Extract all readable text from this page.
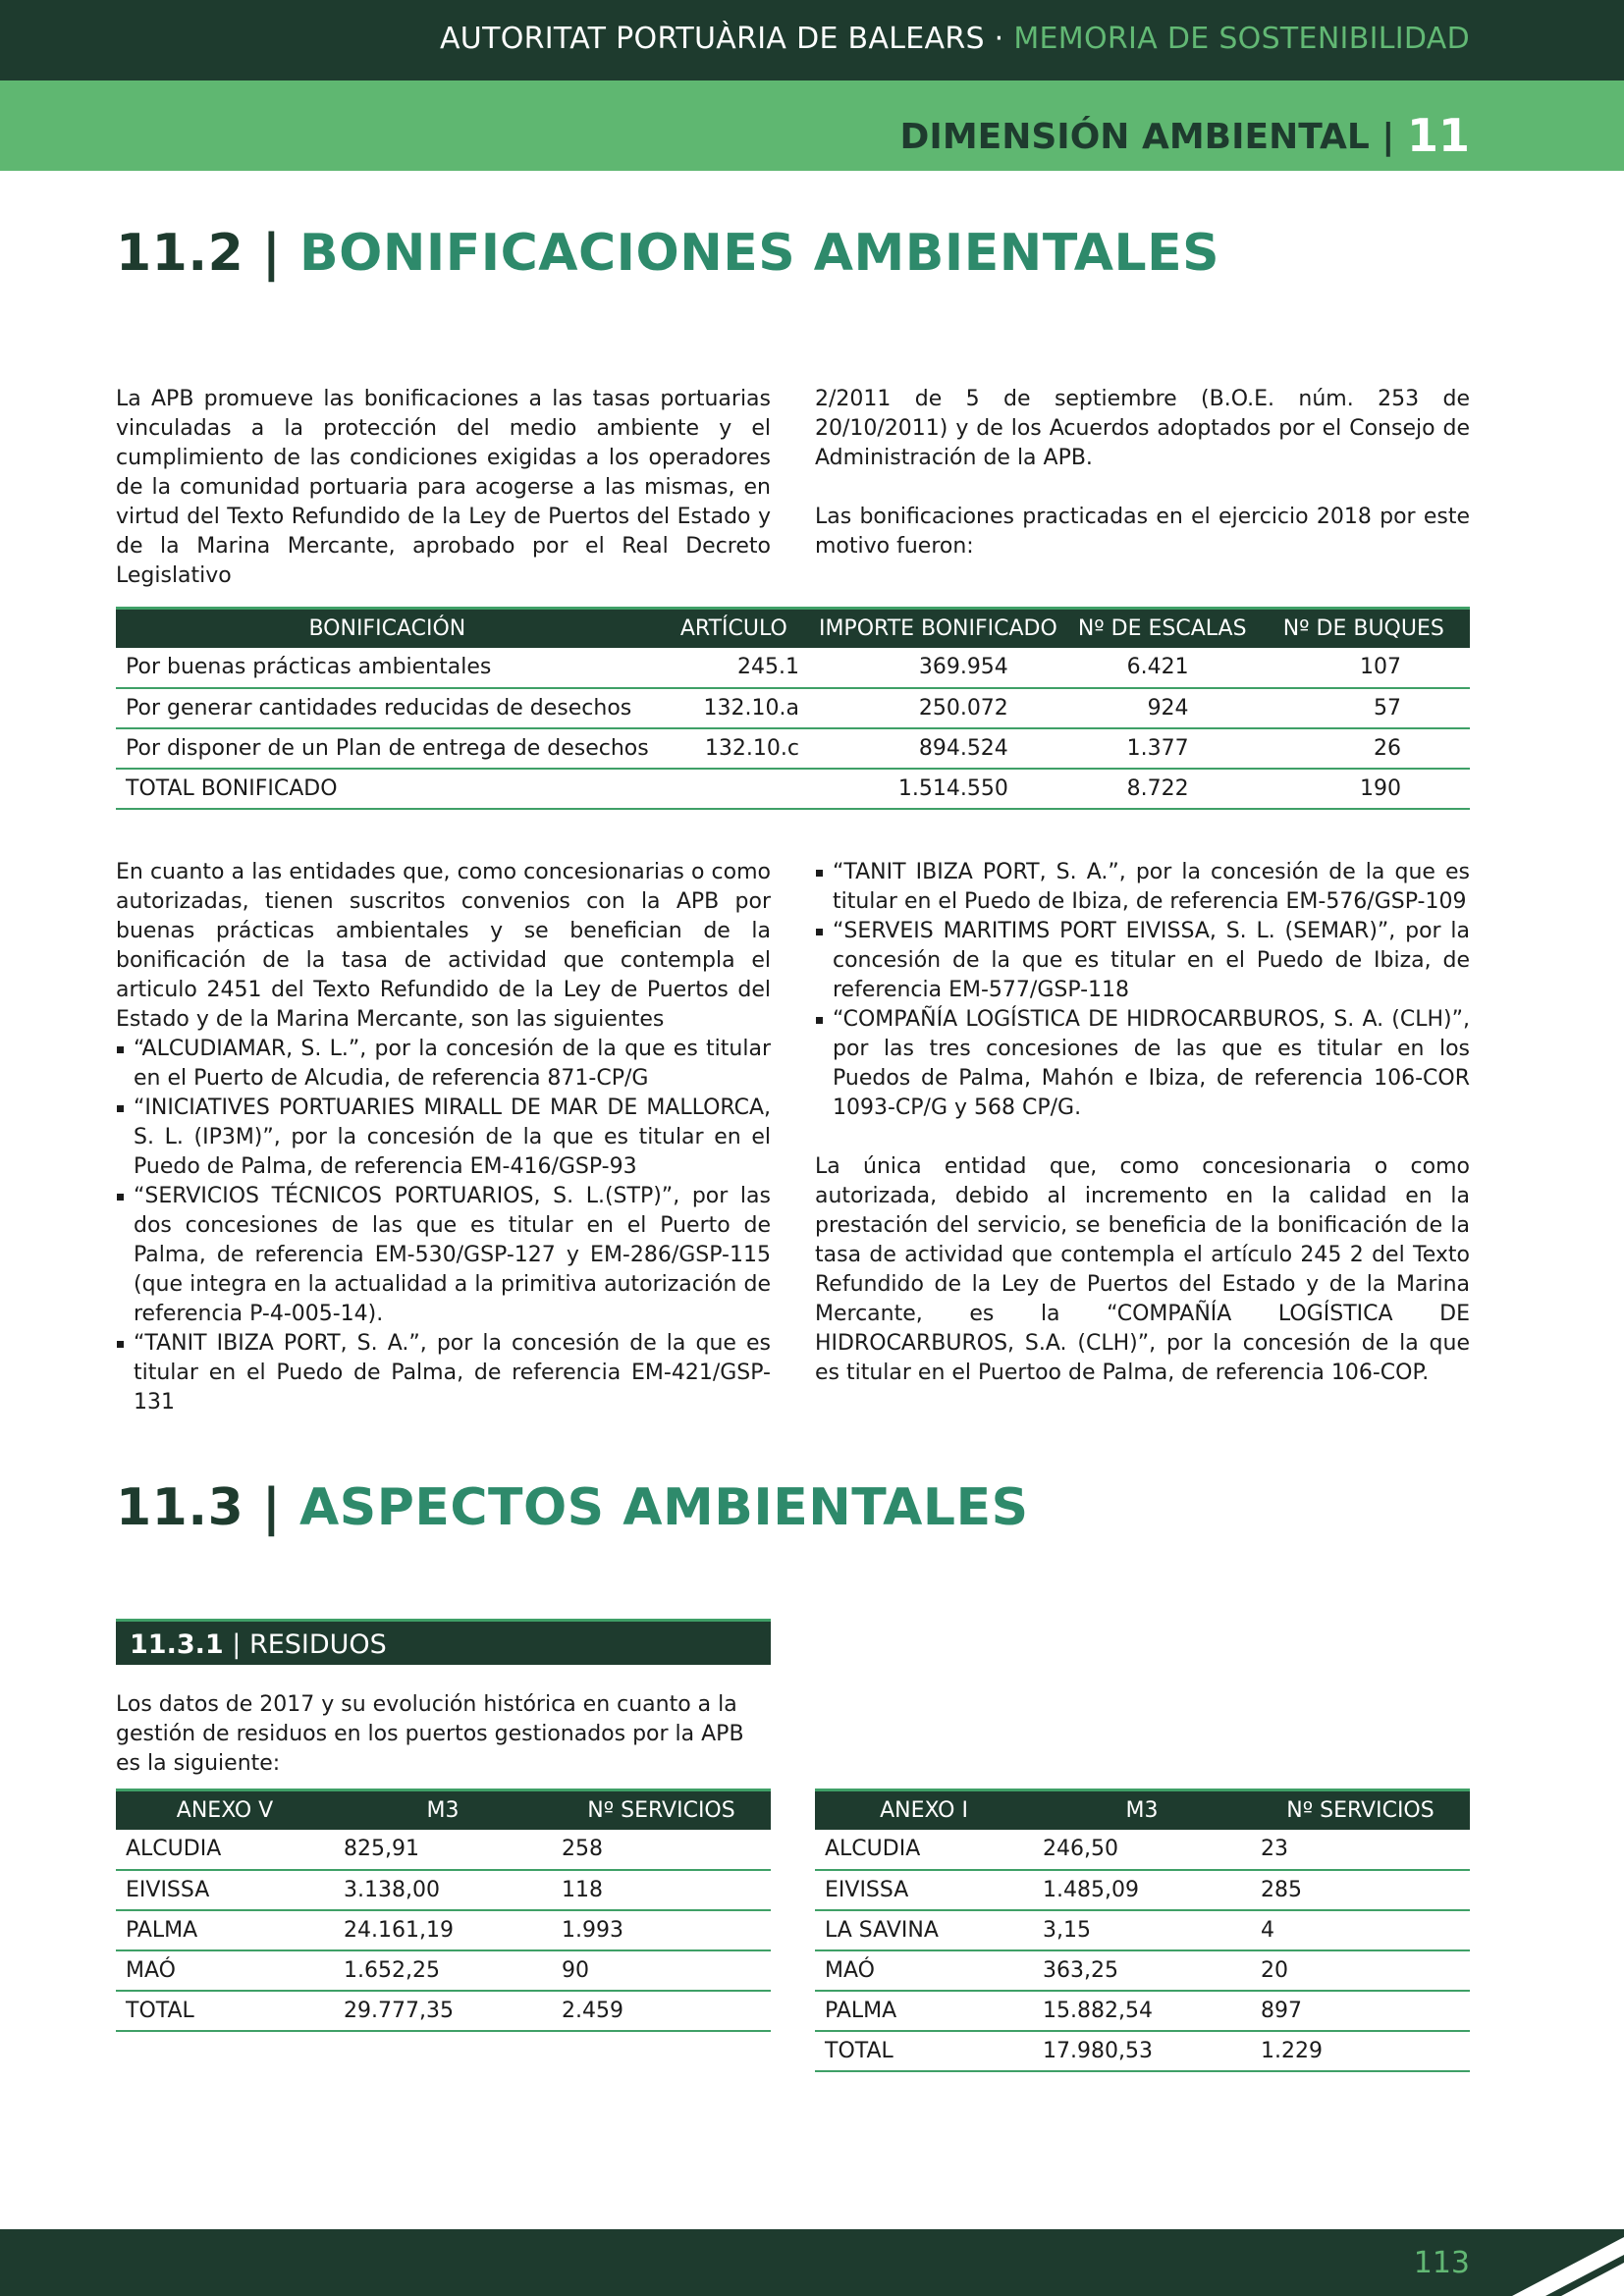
AUTORITAT PORTUÀRIA DE BALEARS · MEMORIA DE SOSTENIBILIDAD
DIMENSIÓN AMBIENTAL | 11
11.2 | BONIFICACIONES AMBIENTALES

La APB promueve las bonificaciones a las tasas portuarias vinculadas a la protección del medio ambiente y el cumplimiento de las condiciones exigidas a los operadores de la comunidad portuaria para acogerse a las mismas, en virtud del Texto Refundido de la Ley de Puertos del Estado y de la Marina Mercante, aprobado por el Real Decreto Legislativo

2/2011 de 5 de septiembre (B.O.E. núm. 253 de 20/10/2011) y de los Acuerdos adoptados por el Consejo de Administración de la APB.

Las bonificaciones practicadas en el ejercicio 2018 por este motivo fueron:

BONIFICACIÓN	ARTÍCULO	IMPORTE BONIFICADO	Nº DE ESCALAS	Nº DE BUQUES
Por buenas prácticas ambientales	245.1	369.954	6.421	107
Por generar cantidades reducidas de desechos	132.10.a	250.072	924	57
Por disponer de un Plan de entrega de desechos	132.10.c	894.524	1.377	26
TOTAL BONIFICADO		1.514.550	8.722	190
En cuanto a las entidades que, como concesionarias o como autorizadas, tienen suscritos convenios con la APB por buenas prácticas ambientales y se benefician de la bonificación de la tasa de actividad que contempla el articulo 2451 del Texto Refundido de la Ley de Puertos del Estado y de la Marina Mercante, son las siguientes
“ALCUDIAMAR, S. L.”, por la concesión de la que es titular en el Puerto de Alcudia, de referencia 871-CP/G
“INICIATIVES PORTUARIES MIRALL DE MAR DE MALLORCA, S. L. (IP3M)”, por la concesión de la que es titular en el Puedo de Palma, de referencia EM-416/GSP-93
“SERVICIOS TÉCNICOS PORTUARIOS, S. L.(STP)”, por las dos concesiones de las que es titular en el Puerto de Palma, de referencia EM-530/GSP-127 y EM-286/GSP-115 (que integra en la actualidad a la primitiva autorización de referencia P-4-005-14).
“TANIT IBIZA PORT, S. A.”, por la concesión de la que es titular en el Puedo de Palma, de referencia EM-421/GSP-131
“TANIT IBIZA PORT, S. A.”, por la concesión de la que es titular en el Puedo de Ibiza, de referencia EM-576/GSP-109
“SERVEIS MARITIMS PORT EIVISSA, S. L. (SEMAR)”, por la concesión de la que es titular en el Puedo de Ibiza, de referencia EM-577/GSP-118
“COMPAÑÍA LOGÍSTICA DE HIDROCARBUROS, S. A. (CLH)”, por las tres concesiones de las que es titular en los Puedos de Palma, Mahón e Ibiza, de referencia 106-COR 1093-CP/G y 568 CP/G.

La única entidad que, como concesionaria o como autorizada, debido al incremento en la calidad en la prestación del servicio, se beneficia de la bonificación de la tasa de actividad que contempla el artículo 245 2 del Texto Refundido de la Ley de Puertos del Estado y de la Marina Mercante, es la “COMPAÑÍA LOGÍSTICA DE HIDROCARBUROS, S.A. (CLH)”, por la concesión de la que es titular en el Puertoo de Palma, de referencia 106-COP.

11.3 | ASPECTOS AMBIENTALES
11.3.1 | RESIDUOS
Los datos de 2017 y su evolución histórica en cuanto a la gestión de residuos en los puertos gestionados por la APB es la siguiente:
ANEXO V	M3	Nº SERVICIOS
ALCUDIA	825,91	258
EIVISSA	3.138,00	118
PALMA	24.161,19	1.993
MAÓ	1.652,25	90
TOTAL	29.777,35	2.459
ANEXO I	M3	Nº SERVICIOS
ALCUDIA	246,50	23
EIVISSA	1.485,09	285
LA SAVINA	3,15	4
MAÓ	363,25	20
PALMA	15.882,54	897
TOTAL	17.980,53	1.229
113
